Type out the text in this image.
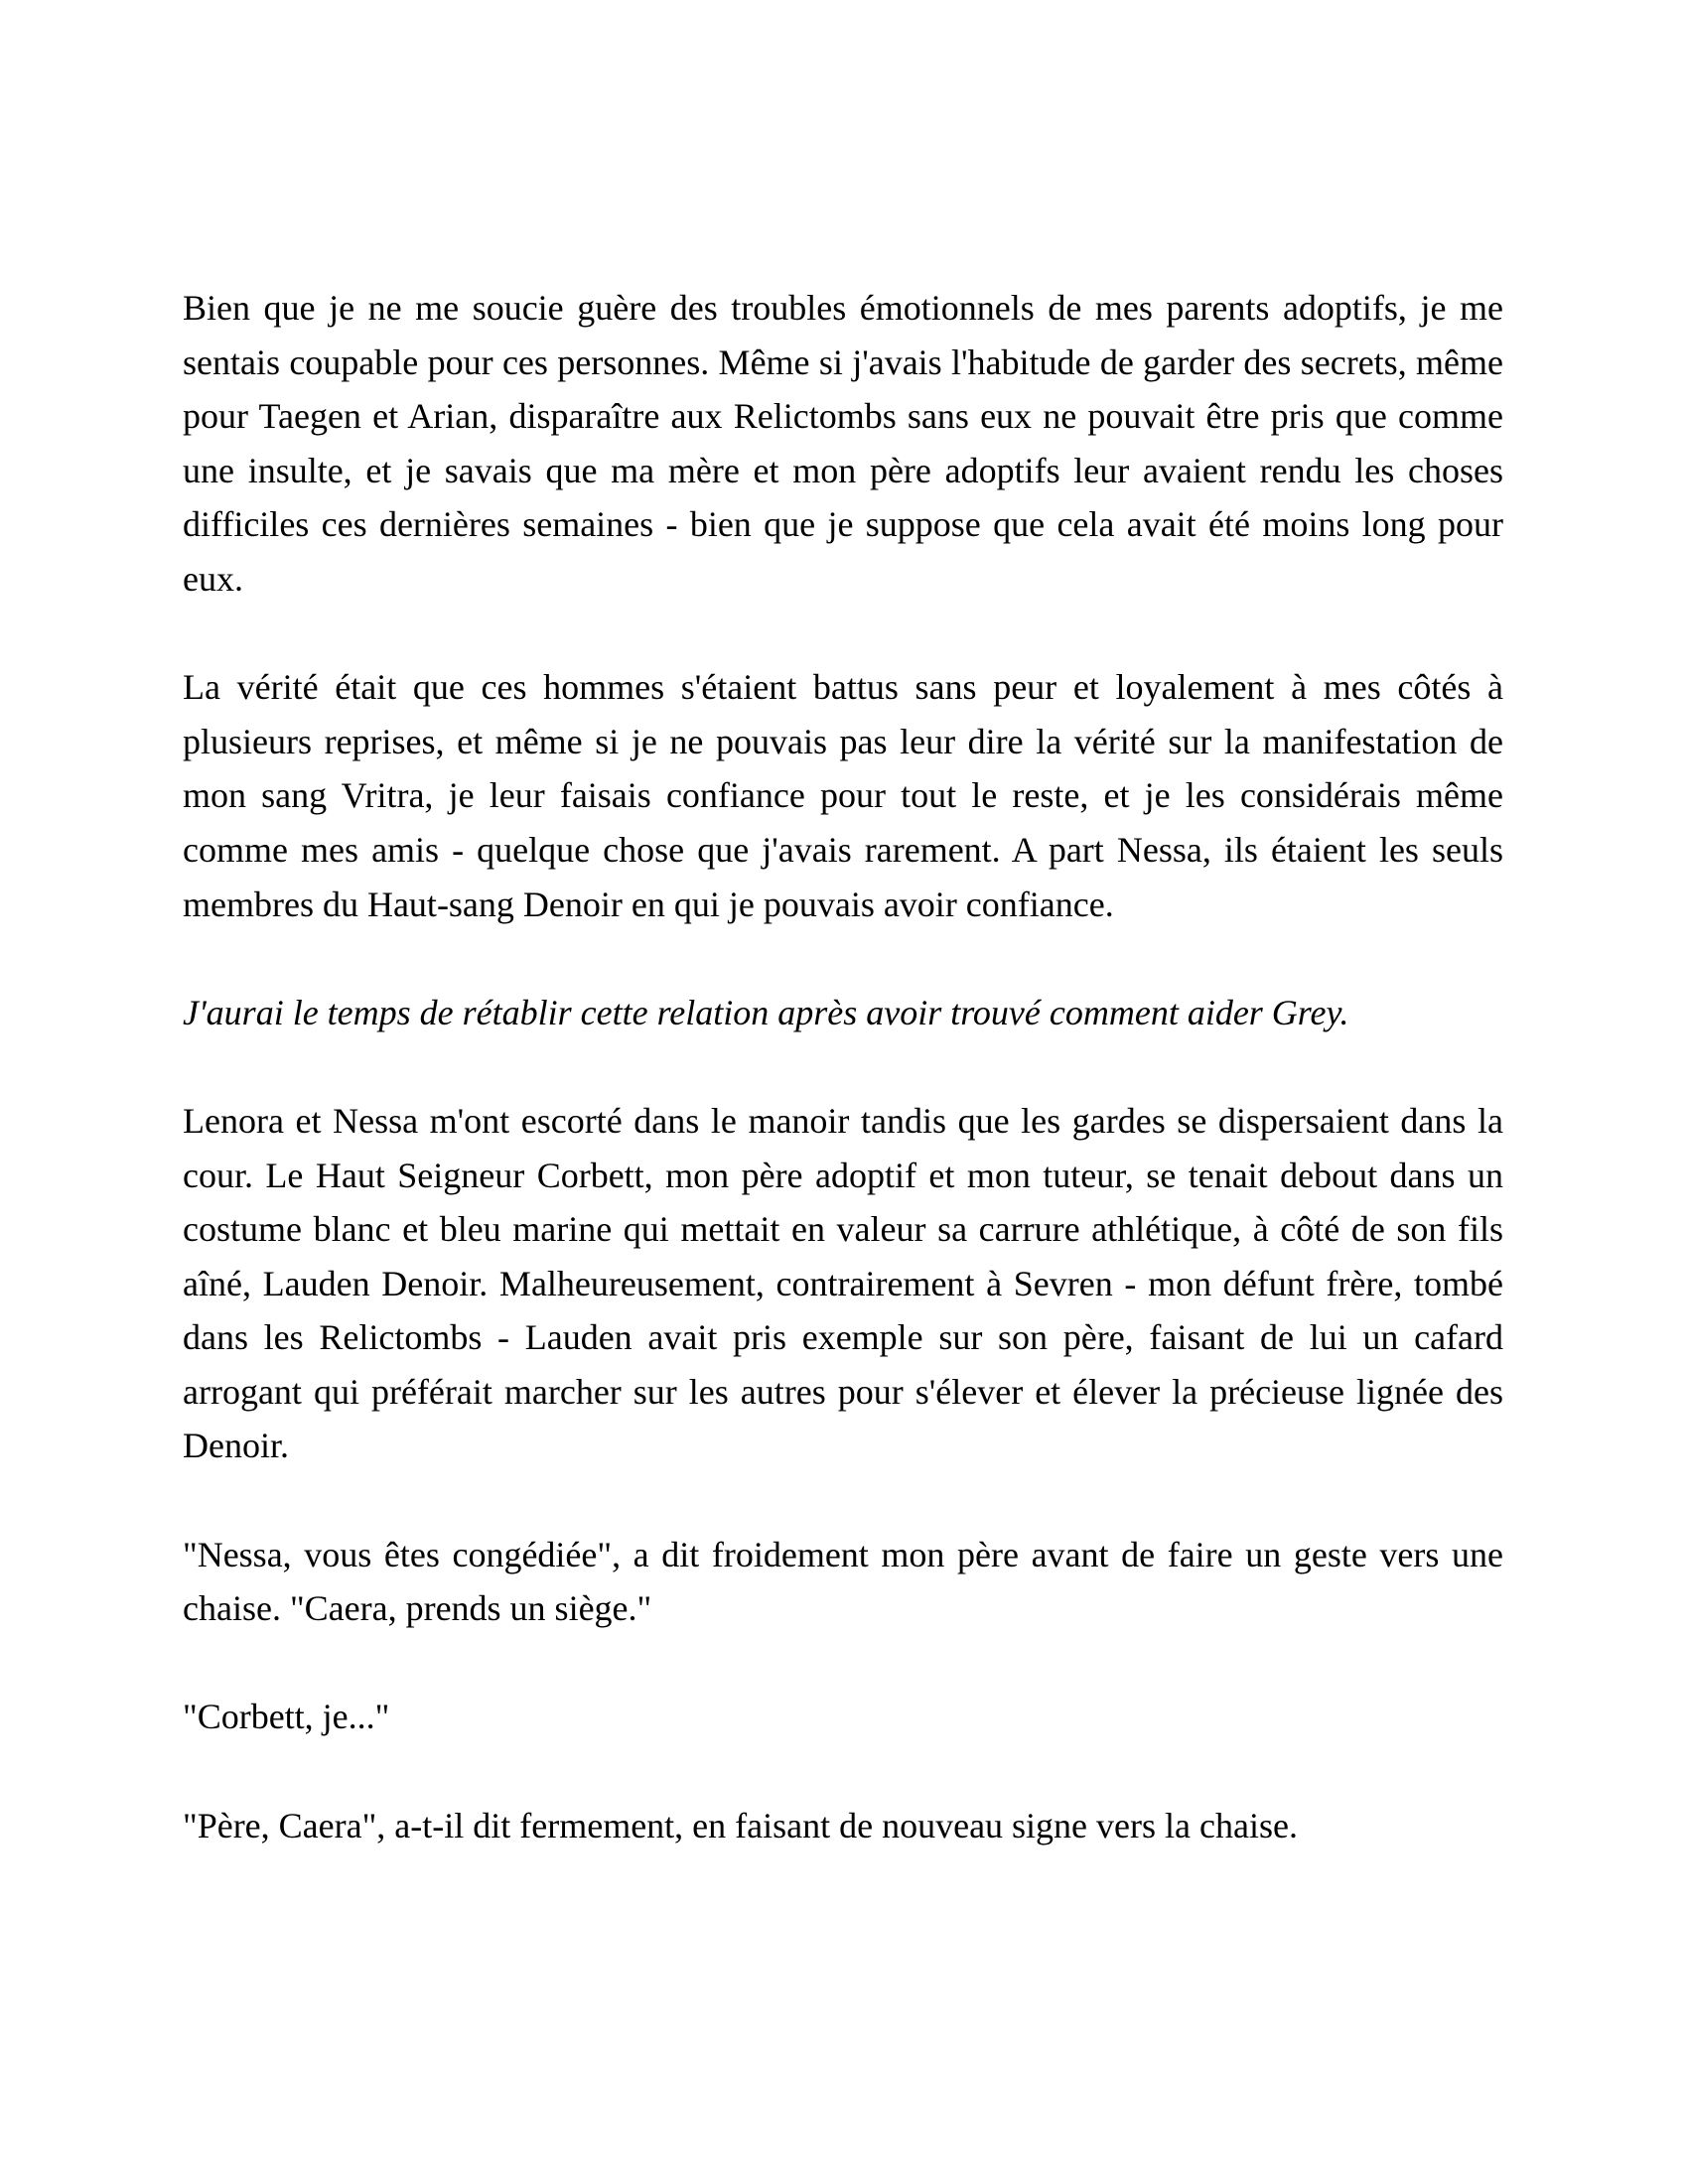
Bien que je ne me soucie guère des troubles émotionnels de mes parents adoptifs, je me sentais coupable pour ces personnes. Même si j'avais l'habitude de garder des secrets, même pour Taegen et Arian, disparaître aux Relictombs sans eux ne pouvait être pris que comme une insulte, et je savais que ma mère et mon père adoptifs leur avaient rendu les choses difficiles ces dernières semaines - bien que je suppose que cela avait été moins long pour eux.

La vérité était que ces hommes s'étaient battus sans peur et loyalement à mes côtés à plusieurs reprises, et même si je ne pouvais pas leur dire la vérité sur la manifestation de mon sang Vritra, je leur faisais confiance pour tout le reste, et je les considérais même comme mes amis - quelque chose que j'avais rarement. A part Nessa, ils étaient les seuls membres du Haut-sang Denoir en qui je pouvais avoir confiance.

J'aurai le temps de rétablir cette relation après avoir trouvé comment aider Grey.

Lenora et Nessa m'ont escorté dans le manoir tandis que les gardes se dispersaient dans la cour. Le Haut Seigneur Corbett, mon père adoptif et mon tuteur, se tenait debout dans un costume blanc et bleu marine qui mettait en valeur sa carrure athlétique, à côté de son fils aîné, Lauden Denoir. Malheureusement, contrairement à Sevren - mon défunt frère, tombé dans les Relictombs - Lauden avait pris exemple sur son père, faisant de lui un cafard arrogant qui préférait marcher sur les autres pour s'élever et élever la précieuse lignée des Denoir.

"Nessa, vous êtes congédiée", a dit froidement mon père avant de faire un geste vers une chaise. "Caera, prends un siège."

"Corbett, je..."

"Père, Caera", a-t-il dit fermement, en faisant de nouveau signe vers la chaise.
